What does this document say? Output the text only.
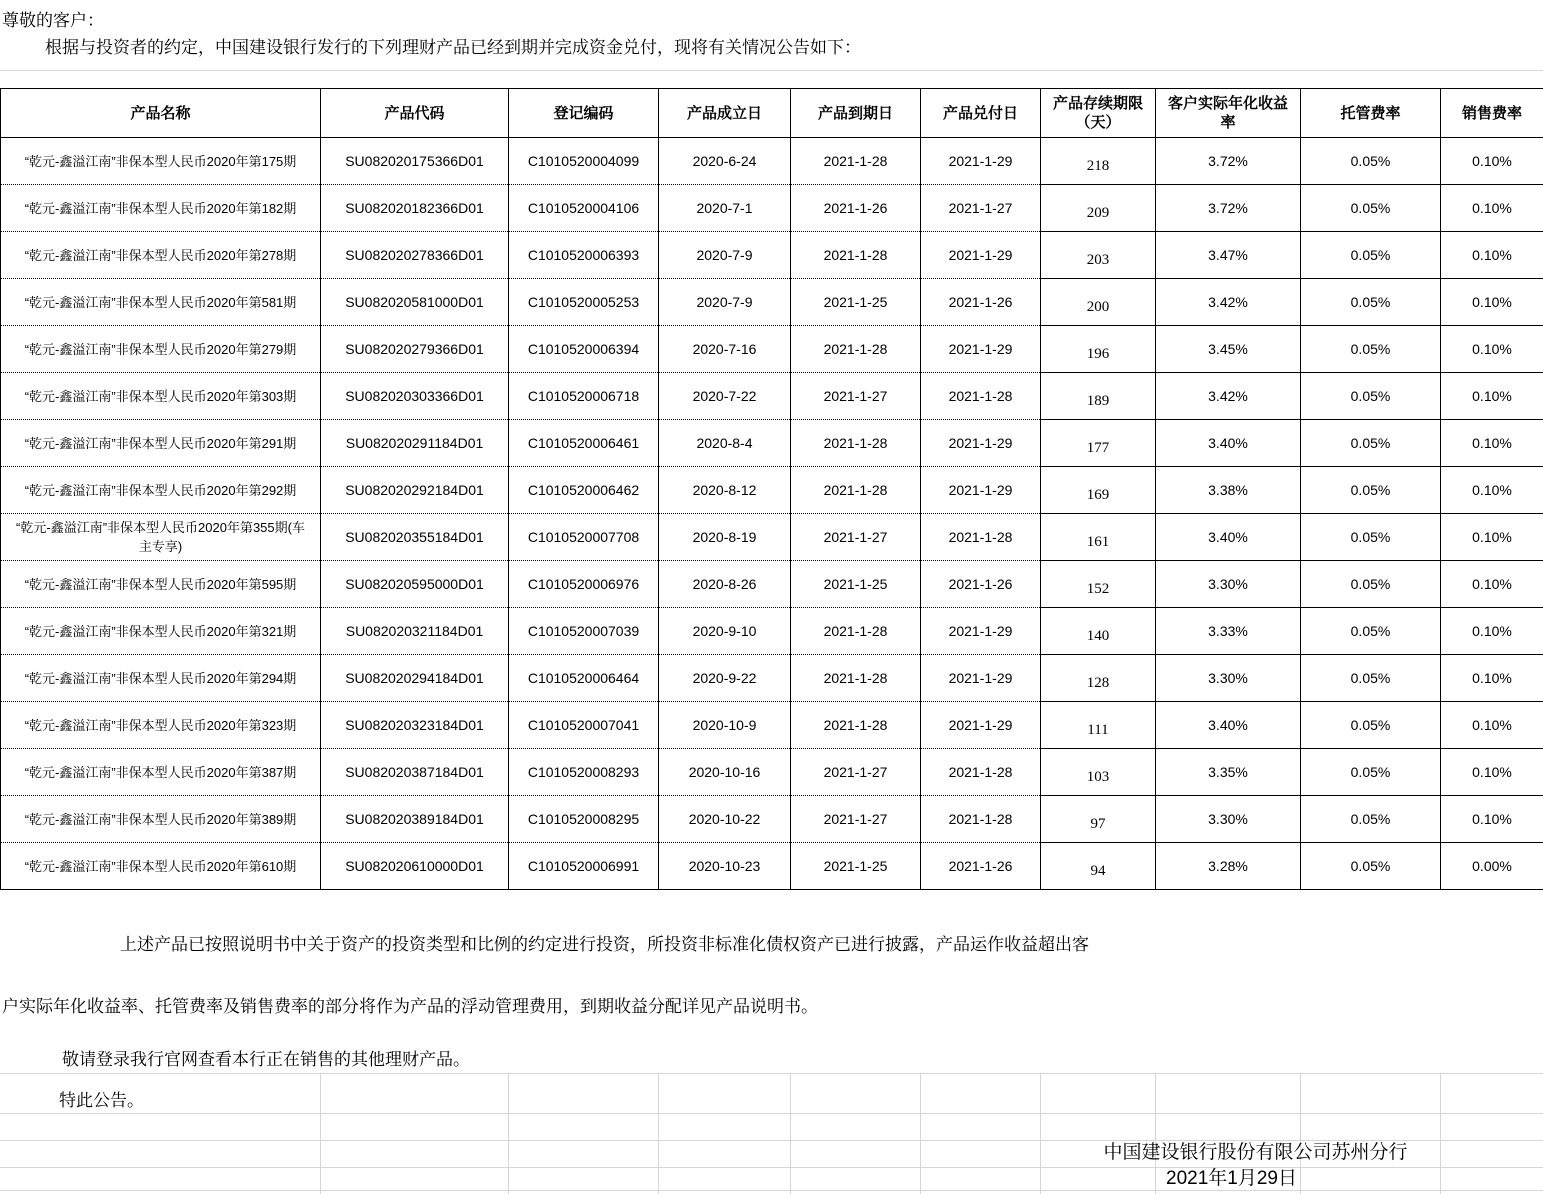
尊敬的客户：
根据与投资者的约定，中国建设银行发行的下列理财产品已经到期并完成资金兑付，现将有关情况公告如下：
产品名称	产品代码	登记编码	产品成立日	产品到期日	产品兑付日	产品存续期限（天）	客户实际年化收益率	托管费率	销售费率
“乾元-鑫溢江南”非保本型人民币2020年第175期	SU082020175366D01	C1010520004099	2020-6-24	2021-1-28	2021-1-29	218	3.72%	0.05%	0.10%
“乾元-鑫溢江南”非保本型人民币2020年第182期	SU082020182366D01	C1010520004106	2020-7-1	2021-1-26	2021-1-27	209	3.72%	0.05%	0.10%
“乾元-鑫溢江南”非保本型人民币2020年第278期	SU082020278366D01	C1010520006393	2020-7-9	2021-1-28	2021-1-29	203	3.47%	0.05%	0.10%
“乾元-鑫溢江南”非保本型人民币2020年第581期	SU082020581000D01	C1010520005253	2020-7-9	2021-1-25	2021-1-26	200	3.42%	0.05%	0.10%
“乾元-鑫溢江南”非保本型人民币2020年第279期	SU082020279366D01	C1010520006394	2020-7-16	2021-1-28	2021-1-29	196	3.45%	0.05%	0.10%
“乾元-鑫溢江南”非保本型人民币2020年第303期	SU082020303366D01	C1010520006718	2020-7-22	2021-1-27	2021-1-28	189	3.42%	0.05%	0.10%
“乾元-鑫溢江南”非保本型人民币2020年第291期	SU082020291184D01	C1010520006461	2020-8-4	2021-1-28	2021-1-29	177	3.40%	0.05%	0.10%
“乾元-鑫溢江南”非保本型人民币2020年第292期	SU082020292184D01	C1010520006462	2020-8-12	2021-1-28	2021-1-29	169	3.38%	0.05%	0.10%
“乾元-鑫溢江南”非保本型人民币2020年第355期(车主专享)	SU082020355184D01	C1010520007708	2020-8-19	2021-1-27	2021-1-28	161	3.40%	0.05%	0.10%
“乾元-鑫溢江南”非保本型人民币2020年第595期	SU082020595000D01	C1010520006976	2020-8-26	2021-1-25	2021-1-26	152	3.30%	0.05%	0.10%
“乾元-鑫溢江南”非保本型人民币2020年第321期	SU082020321184D01	C1010520007039	2020-9-10	2021-1-28	2021-1-29	140	3.33%	0.05%	0.10%
“乾元-鑫溢江南”非保本型人民币2020年第294期	SU082020294184D01	C1010520006464	2020-9-22	2021-1-28	2021-1-29	128	3.30%	0.05%	0.10%
“乾元-鑫溢江南”非保本型人民币2020年第323期	SU082020323184D01	C1010520007041	2020-10-9	2021-1-28	2021-1-29	111	3.40%	0.05%	0.10%
“乾元-鑫溢江南”非保本型人民币2020年第387期	SU082020387184D01	C1010520008293	2020-10-16	2021-1-27	2021-1-28	103	3.35%	0.05%	0.10%
“乾元-鑫溢江南”非保本型人民币2020年第389期	SU082020389184D01	C1010520008295	2020-10-22	2021-1-27	2021-1-28	97	3.30%	0.05%	0.10%
“乾元-鑫溢江南”非保本型人民币2020年第610期	SU082020610000D01	C1010520006991	2020-10-23	2021-1-25	2021-1-26	94	3.28%	0.05%	0.00%
上述产品已按照说明书中关于资产的投资类型和比例的约定进行投资，所投资非标准化债权资产已进行披露，产品运作收益超出客
户实际年化收益率、托管费率及销售费率的部分将作为产品的浮动管理费用，到期收益分配详见产品说明书。
敬请登录我行官网查看本行正在销售的其他理财产品。
特此公告。
中国建设银行股份有限公司苏州分行
2021年1月29日
